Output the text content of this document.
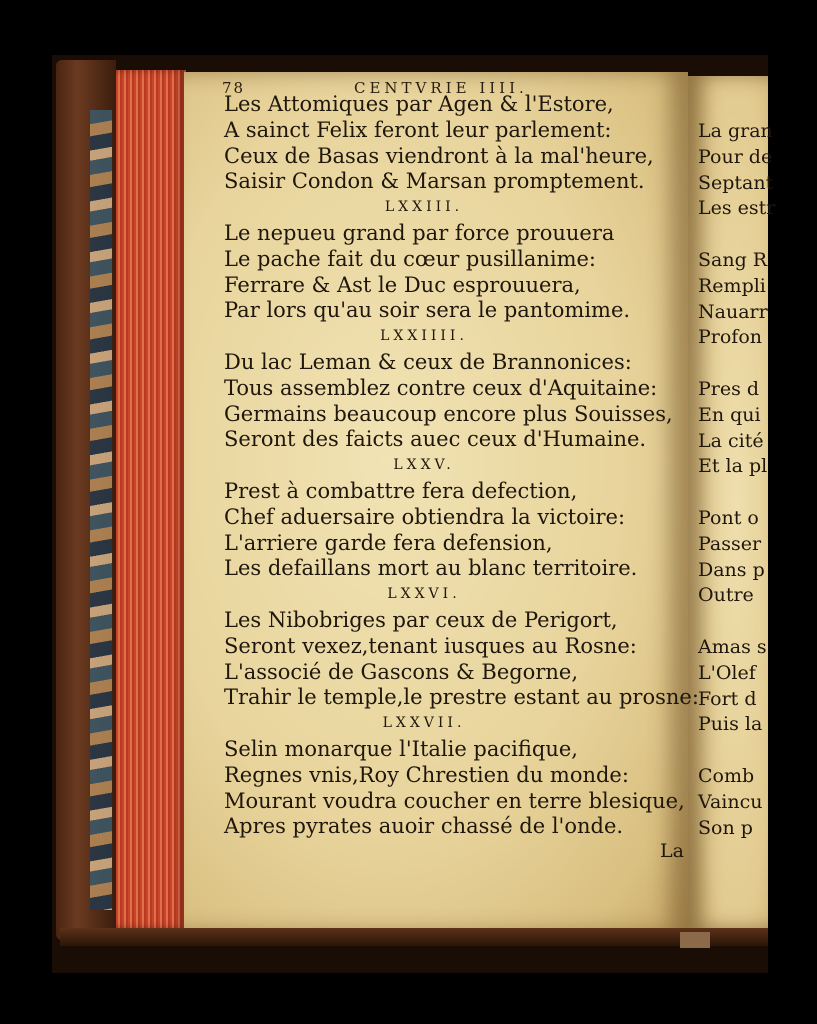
78	CENTVRIE IIII.
Les Attomiques par Agen & l'Estore,
A sainct Felix feront leur parlement:
Ceux de Basas viendront à la mal'heure,
Saisir Condon & Marsan promptement.
LXXIII.
Le nepueu grand par force prouuera
Le pache fait du cœur pusillanime:
Ferrare & Ast le Duc esprouuera,
Par lors qu'au soir sera le pantomime.
LXXIIII.
Du lac Leman & ceux de Brannonices:
Tous assemblez contre ceux d'Aquitaine:
Germains beaucoup encore plus Souisses,
Seront des faicts auec ceux d'Humaine.
LXXV.
Prest à combattre fera defection,
Chef aduersaire obtiendra la victoire:
L'arriere garde fera defension,
Les defaillans mort au blanc territoire.
LXXVI.
Les Nibobriges par ceux de Perigort,
Seront vexez,tenant iusques au Rosne:
L'associé de Gascons & Begorne,
Trahir le temple,le prestre estant au prosne:
LXXVII.
Selin monarque l'Italie pacifique,
Regnes vnis,Roy Chrestien du monde:
Mourant voudra coucher en terre blesique,
Apres pyrates auoir chassé de l'onde.
La
La gran
Pour de
Septant
Les estr
Sang R
Rempli
Nauarr
Profon
Pres d
En qui
La cité
Et la pl
Pont o
Passer
Dans p
Outre
Amas s
L'Olef
Fort d
Puis la
Comb
Vaincu
Son p
